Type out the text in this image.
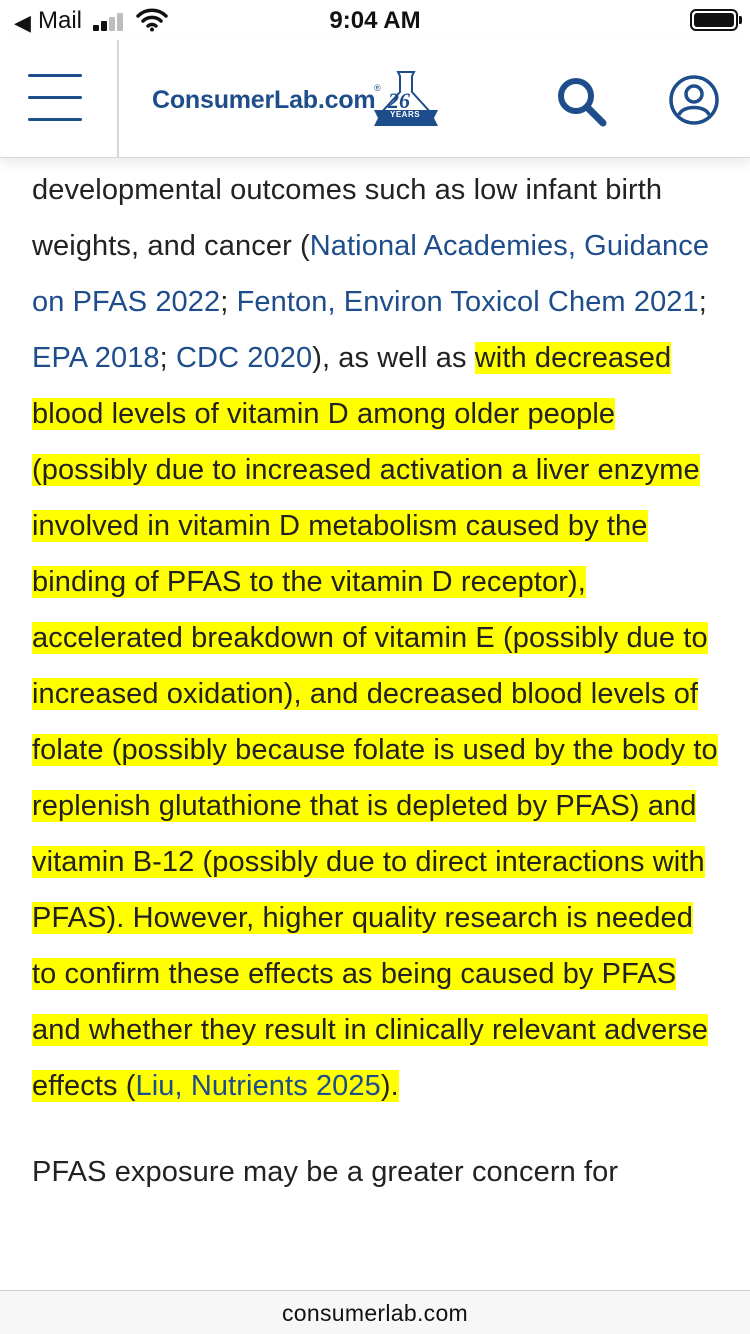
◀ Mail	9:04 AM
ConsumerLab.com
® 26
YEARS

developmental outcomes such as low infant birth weights, and cancer (National Academies, Guidance on PFAS 2022; Fenton, Environ Toxicol Chem 2021; EPA 2018; CDC 2020), as well as with decreased blood levels of vitamin D among older people (possibly due to increased activation a liver enzyme involved in vitamin D metabolism caused by the binding of PFAS to the vitamin D receptor), accelerated breakdown of vitamin E (possibly due to increased oxidation), and decreased blood levels of folate (possibly because folate is used by the body to replenish glutathione that is depleted by PFAS) and vitamin B-12 (possibly due to direct interactions with PFAS). However, higher quality research is needed to confirm these effects as being caused by PFAS and whether they result in clinically relevant adverse effects (Liu, Nutrients 2025).

PFAS exposure may be a greater concern for

consumerlab.com
